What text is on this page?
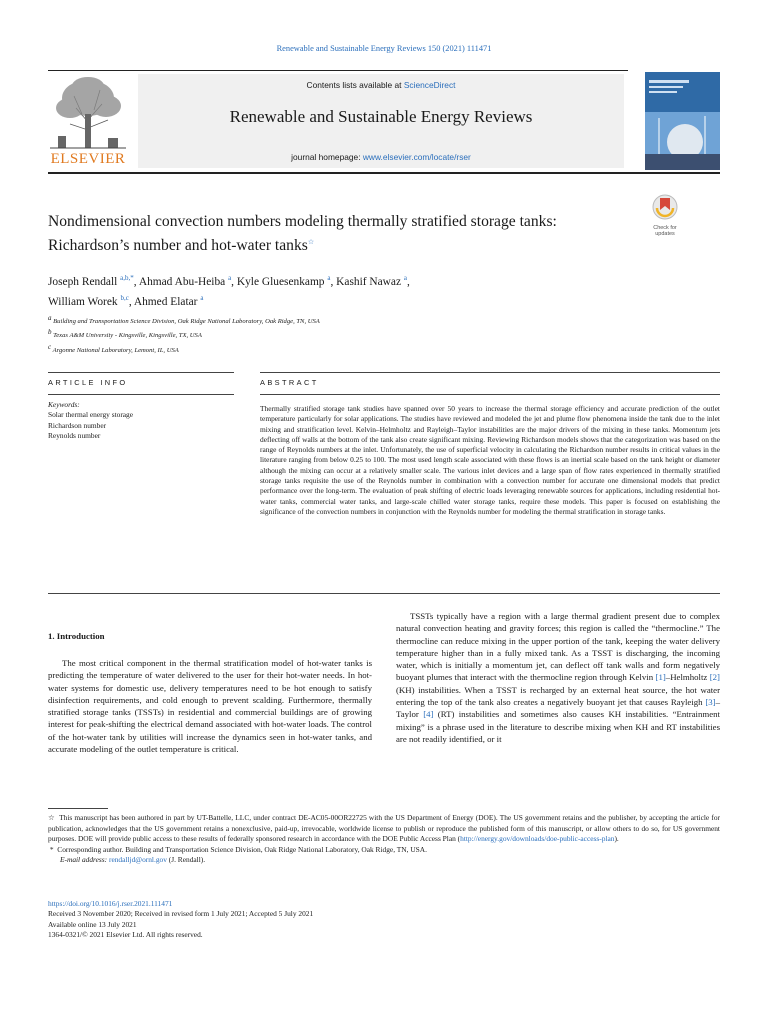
Renewable and Sustainable Energy Reviews 150 (2021) 111471
ELSEVIER
Contents lists available at ScienceDirect
Renewable and Sustainable Energy Reviews
journal homepage: www.elsevier.com/locate/rser
Nondimensional convection numbers modeling thermally stratified storage tanks: Richardson’s number and hot-water tanks☆
Check for
updates
Joseph Rendall $^{a,b,*}$, Ahmad Abu-Heiba $^a$, Kyle Gluesenkamp $^a$, Kashif Nawaz $^a$,
William Worek $^{b,c}$, Ahmed Elatar $^a$
$^a$ Building and Transportation Science Division, Oak Ridge National Laboratory, Oak Ridge, TN, USA
$^b$ Texas A&M University - Kingsville, Kingsville, TX, USA
$^c$ Argonne National Laboratory, Lemont, IL, USA
ARTICLE INFO	ABSTRACT
Keywords:
Solar thermal energy storage
Richardson number
Reynolds number
Thermally stratified storage tank studies have spanned over 50 years to increase the thermal storage efficiency and accurate prediction of the outlet temperature particularly for solar applications. The studies have reviewed and modeled the jet and plume flow phenomena inside the tank due to the inlet mixing and stratification level. Kelvin–Helmholtz and Rayleigh–Taylor instabilities are the major drivers of the mixing in these tanks. Momentum jets deflecting off walls at the bottom of the tank also create significant mixing. Reviewing Richardson models shows that the categorization was based on the range of Reynolds numbers at the inlet. Unfortunately, the use of superficial velocity in calculating the Richardson number results in critical values in the literature ranging from below 0.25 to 100. The most used length scale associated with these flows is an inertial scale based on the tank height or diameter although the mixing can occur at a relatively smaller scale. The various inlet devices and a large span of flow rates experienced in thermally stratified storage tanks requisite the use of the Reynolds number in combination with a convection number for accurate one dimensional models that predict performance over the long-term. The evaluation of peak shifting of electric loads leveraging renewable sources for applications, including residential hot-water tanks, commercial water tanks, and large-scale chilled water storage tanks, require these models. This paper is focused on establishing the significance of the convection numbers in conjunction with the Reynolds number for modeling the thermal stratification in storage tanks.
1. Introduction
The most critical component in the thermal stratification model of hot-water tanks is predicting the temperature of water delivered to the user for their hot-water needs. In hot-water systems for domestic use, delivery temperatures need to be hot enough to satisfy disinfection requirements, and cold enough to prevent scalding. Furthermore, thermally stratified storage tanks (TSSTs) in residential and commercial buildings are of growing interest for peak-shifting the electrical demand associated with hot-water loads. The control of the hot-water tank by utilities will increase the dynamics seen in hot-water tanks, and accurate modeling of the outlet temperature is critical.

TSSTs typically have a region with a large thermal gradient present due to complex natural convection heating and gravity forces; this region is called the “thermocline.” The thermocline can reduce mixing in the upper portion of the tank, keeping the water delivery temperature higher than in a fully mixed tank. As a TSST is discharging, the incoming water, which is initially a momentum jet, can deflect off tank walls and form negatively buoyant plumes that interact with the thermocline region through Kelvin [1]–Helmholtz [2] (KH) instabilities. When a TSST is recharged by an external heat source, the hot water entering the top of the tank also creates a negatively buoyant jet that causes Rayleigh [3]–Taylor [4] (RT) instabilities and sometimes also causes KH instabilities. “Entrainment mixing” is a phrase used in the literature to describe mixing when KH and RT instabilities are not readily identified, or it

☆ This manuscript has been authored in part by UT-Battelle, LLC, under contract DE-AC05-00OR22725 with the US Department of Energy (DOE). The US government retains and the publisher, by accepting the article for publication, acknowledges that the US government retains a nonexclusive, paid-up, irrevocable, worldwide license to publish or reproduce the published form of this manuscript, or allow others to do so, for US government purposes. DOE will provide public access to these results of federally sponsored research in accordance with the DOE Public Access Plan (http://energy.gov/downloads/doe-public-access-plan).

* Corresponding author. Building and Transportation Science Division, Oak Ridge National Laboratory, Oak Ridge, TN, USA.

E-mail address: rendalljd@ornl.gov (J. Rendall).

https://doi.org/10.1016/j.rser.2021.111471
Received 3 November 2020; Received in revised form 1 July 2021; Accepted 5 July 2021
Available online 13 July 2021
1364-0321/© 2021 Elsevier Ltd. All rights reserved.
